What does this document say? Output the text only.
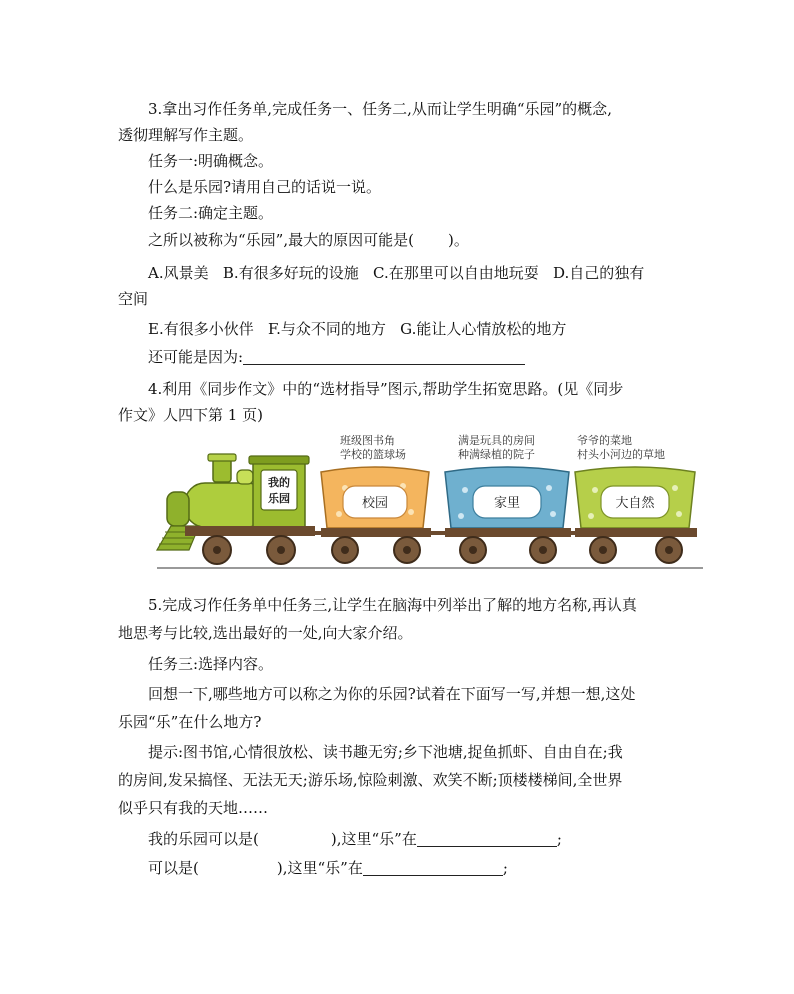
3.拿出习作任务单,完成任务一、任务二,从而让学生明确“乐园”的概念,
透彻理解写作主题。
任务一:明确概念。
什么是乐园?请用自己的话说一说。
任务二:确定主题。
之所以被称为“乐园”,最大的原因可能是( )。
A.风景美   B.有很多好玩的设施   C.在那里可以自由地玩耍   D.自己的独有
空间
E.有很多小伙伴   F.与众不同的地方   G.能让人心情放松的地方
还可能是因为:
4.利用《同步作文》中的“选材指导”图示,帮助学生拓宽思路。(见《同步
作文》人四下第 1 页)
我的
乐园
班级图书角
学校的篮球场
校园
满是玩具的房间
种满绿植的院子
家里
爷爷的菜地
村头小河边的草地
大自然
5.完成习作任务单中任务三,让学生在脑海中列举出了解的地方名称,再认真
地思考与比较,选出最好的一处,向大家介绍。
任务三:选择内容。
回想一下,哪些地方可以称之为你的乐园?试着在下面写一写,并想一想,这处
乐园“乐”在什么地方?
提示:图书馆,心情很放松、读书趣无穷;乡下池塘,捉鱼抓虾、自由自在;我
的房间,发呆搞怪、无法无天;游乐场,惊险刺激、欢笑不断;顶楼楼梯间,全世界
似乎只有我的天地……
我的乐园可以是(	),这里“乐”在	;
可以是(	),这里“乐”在	;
